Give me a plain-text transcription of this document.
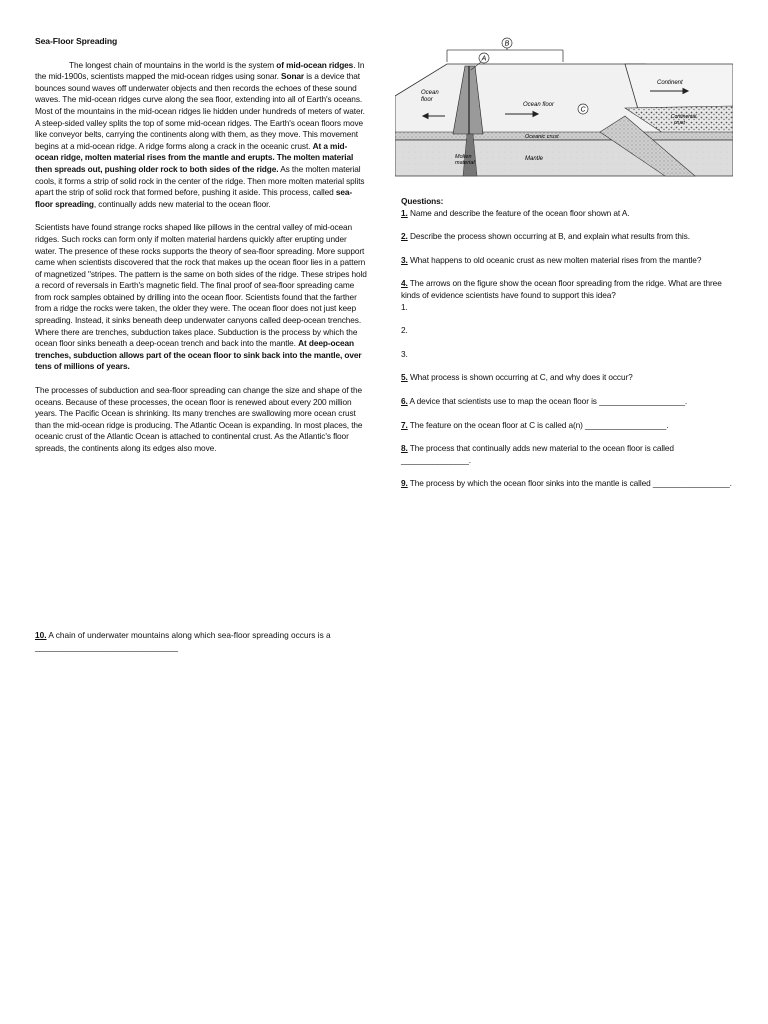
Sea-Floor Spreading

The longest chain of mountains in the world is the system of mid-ocean ridges. In the mid-1900s, scientists mapped the mid-ocean ridges using sonar. Sonar is a device that bounces sound waves off underwater objects and then records the echoes of these sound waves. The mid-ocean ridges curve along the sea floor, extending into all of Earth's oceans. Most of the mountains in the mid-ocean ridges lie hidden under hundreds of meters of water. A steep-sided valley splits the top of some mid-ocean ridges. The Earth's ocean floors move like conveyor belts, carrying the continents along with them, as they move. This movement begins at a mid-ocean ridge. A ridge forms along a crack in the oceanic crust. At a mid-ocean ridge, molten material rises from the mantle and erupts. The molten material then spreads out, pushing older rock to both sides of the ridge. As the molten material cools, it forms a strip of solid rock in the center of the ridge. Then more molten material splits apart the strip of solid rock that formed before, pushing it aside. This process, called sea-floor spreading, continually adds new material to the ocean floor.

Scientists have found strange rocks shaped like pillows in the central valley of mid-ocean ridges. Such rocks can form only if molten material hardens quickly after erupting under water. The presence of these rocks supports the theory of sea-floor spreading. More support came when scientists discovered that the rock that makes up the ocean floor lies in a pattern of magnetized "stripes. The pattern is the same on both sides of the ridge. These stripes hold a record of reversals in Earth's magnetic field. The final proof of sea-floor spreading came from rock samples obtained by drilling into the ocean floor. Scientists found that the farther from a ridge the rocks were taken, the older they were. The ocean floor does not just keep spreading. Instead, it sinks beneath deep underwater canyons called deep-ocean trenches. Where there are trenches, subduction takes place. Subduction is the process by which the ocean floor sinks beneath a deep-ocean trench and back into the mantle. At deep-ocean trenches, subduction allows part of the ocean floor to sink back into the mantle, over tens of millions of years.

The processes of subduction and sea-floor spreading can change the size and shape of the oceans. Because of these processes, the ocean floor is renewed about every 200 million years. The Pacific Ocean is shrinking. Its many trenches are swallowing more ocean crust than the mid-ocean ridge is producing. The Atlantic Ocean is expanding. In most places, the oceanic crust of the Atlantic Ocean is attached to continental crust. As the Atlantic's floor spreads, the continents along its edges also move.

10. A chain of underwater mountains along which sea-floor spreading occurs is a
_______________________________
B
A
C
Ocean
floor
Ocean floor
Continent
Oceanic crust
Mantle
Molten
material
Continental
crust
Questions:
1. Name and describe the feature of the ocean floor shown at A.
2. Describe the process shown occurring at B, and explain what results from this.
3. What happens to old oceanic crust as new molten material rises from the mantle?
4. The arrows on the figure show the ocean floor spreading from the ridge. What are three kinds of evidence scientists have found to support this idea?
1.
2.
3.
5. What process is shown occurring at C, and why does it occur?
6. A device that scientists use to map the ocean floor is ___________________.
7. The feature on the ocean floor at C is called a(n) __________________.
8. The process that continually adds new material to the ocean floor is called _______________.
9. The process by which the ocean floor sinks into the mantle is called _________________.
